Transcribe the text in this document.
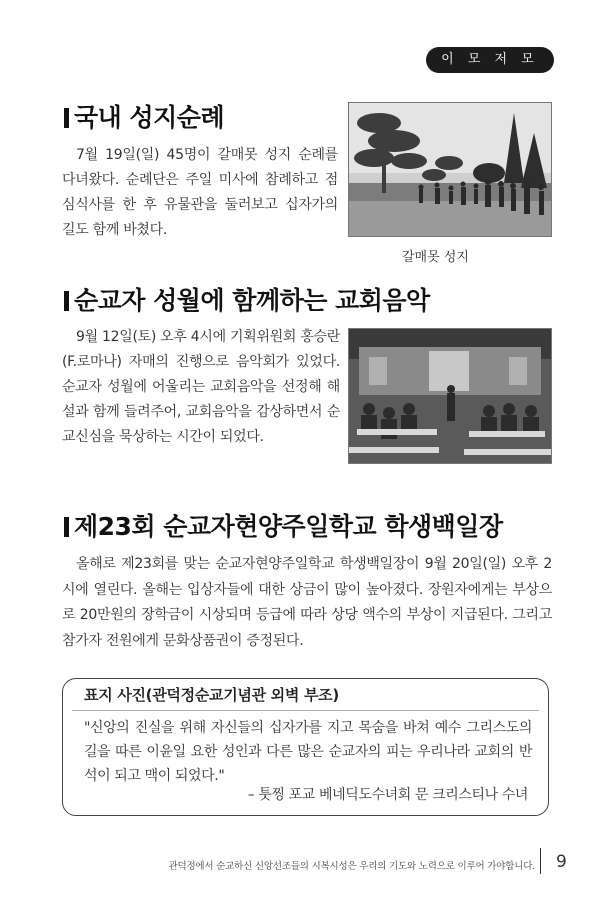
이 모 저 모
국내 성지순례
7월 19일(일) 45명이 갈매못 성지 순례를 다녀왔다. 순례단은 주일 미사에 참례하고 점심식사를 한 후 유물관을 둘러보고 십자가의 길도 함께 바쳤다.
갈매못 성지
순교자 성월에 함께하는 교회음악
9월 12일(토) 오후 4시에 기획위원회 홍승란(F.로마나) 자매의 진행으로 음악회가 있었다. 순교자 성월에 어울리는 교회음악을 선정해 해설과 함께 들려주어, 교회음악을 감상하면서 순교신심을 묵상하는 시간이 되었다.
제23회 순교자현양주일학교 학생백일장
올해로 제23회를 맞는 순교자현양주일학교 학생백일장이 9월 20일(일) 오후 2시에 열린다. 올해는 입상자들에 대한 상금이 많이 높아졌다. 장원자에게는 부상으로 20만원의 장학금이 시상되며 등급에 따라 상당 액수의 부상이 지급된다. 그리고 참가자 전원에게 문화상품권이 증정된다.
표지 사진(관덕정순교기념관 외벽 부조)
"신앙의 진실을 위해 자신들의 십자가를 지고 목숨을 바쳐 예수 그리스도의 길을 따른 이윤일 요한 성인과 다른 많은 순교자의 피는 우리나라 교회의 반석이 되고 맥이 되었다."
– 툿찡 포교 베네딕도수녀회 문 크리스티나 수녀
관덕정에서 순교하신 신앙선조들의 시복시성은 우리의 기도와 노력으로 이루어 가야합니다. 9
